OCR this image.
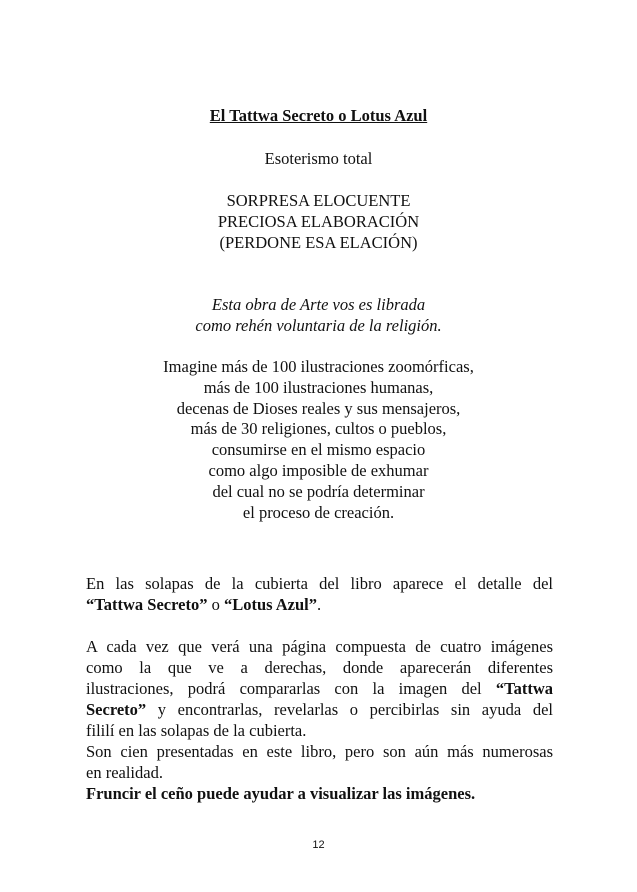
El Tattwa Secreto o Lotus Azul
Esoterismo total
SORPRESA ELOCUENTE
PRECIOSA ELABORACIÓN
(PERDONE ESA ELACIÓN)
Esta obra de Arte vos es librada
como rehén voluntaria de la religión.
Imagine más de 100 ilustraciones zoomórficas,
más de 100 ilustraciones humanas,
decenas de Dioses reales y sus mensajeros,
más de 30 religiones, cultos o pueblos,
consumirse en el mismo espacio
como algo imposible de exhumar
del cual no se podría determinar
el proceso de creación.
En las solapas de la cubierta del libro aparece el detalle del
“Tattwa Secreto” o “Lotus Azul”.
A cada vez que verá una página compuesta de cuatro imágenes
como la que ve a derechas, donde aparecerán diferentes
ilustraciones, podrá compararlas con la imagen del “Tattwa
Secreto” y encontrarlas, revelarlas o percibirlas sin ayuda del
fililí en las solapas de la cubierta.
Son cien presentadas en este libro, pero son aún más numerosas
en realidad.
Fruncir el ceño puede ayudar a visualizar las imágenes.
12
